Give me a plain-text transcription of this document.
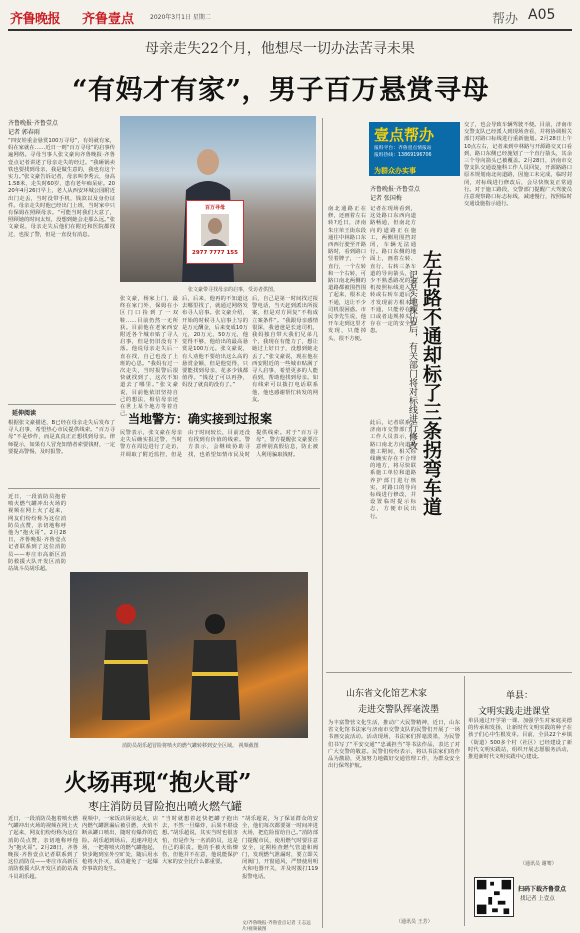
齐鲁晚报 齐鲁壹点	2020年3月1日 星期二	帮办 A05
母亲走失22个月，他想尽一切办法苦寻未果
“有妈才有家”，男子百万悬赏寻母
齐鲁晚报·齐鲁壹点
记者 郭春雨
百万寻母
2977 7777 155
张文豪带寻找母亲的启事，受访者供图。
“四安娃重金悬赏100万寻母”，有妈就有家，妈在家就在……近日一则“百万寻母”的启事传遍网络。寻母当事人张文豪向齐鲁晚报·齐鲁壹点记者讲述了母亲走失的经过。“我砸锅卖铁也要找到母亲，我是做生意的，我也有这个实力。”张文豪告诉记者，母亲叫李秀云，身高1.58米，走失时60岁，患有老年痴呆症。2020年4月26日早上，老人从西安环城公园附近出门走丢，当时没带手机，钱款以及身份证件。母亲走失时他已经出门上班，当时家中只有保姆在照顾母亲。“可能当时我们大意了，照顾她的时间太短，没想到她会走那么远。”张文豪说，母亲走失后他们在附近和医院都找过，也报了警，但是一直没有消息。
张文豪，杨家上门，最终在家门外，保姆在小区门口捡到了一双鞋……目前仍然一无所获。目前他在老家西安附近各个城市贴了寻人启事，但是仍旧没有下落。他说母亲走失后一直在找，自己也没了上班的心思。“我妈有过一次走失，当时报警后很快就找到了，这次不知道去了哪里。”张文豪说，目前他依旧坚持自己的想法，相信母亲还在世上某个地方等着自己。
后，后来，他再的不知道这去哪里找了，就通过网络发布寻人启事。张文豪介绍，开始的时候寻人启事上写的是万元酬金，后来变成10万元，20万元，50万元，他觉得不够，他给出的最高悬赏是100万元。张文豪说，有人劝他不要给出这么高的悬赏金额，但是他觉得，只要能找到母亲，花多少钱都值得。“钱没了可以再挣，妈没了就真的没有了。”
后，自己是第一时间找过报警电话，当天赶到派出所报案，但是对方回复“不构成立案条件”。“我跟母亲感情很深，我爸爸是长途司机，我妈独自带大我们兄弟几个，我现在有能力了，想让她过上好日子，没想到她走丢了。”张文豪说，现在他在西安附近的一些城市贴满了寻人启事，希望更多的人能看到，帮助他找到母亲。如有线索可以拨打电话联系他，他也感谢帮忙转发的网友。
延伸阅读
根据张文豪描述，B已经在母亲走失后发布了寻人启事，希望热心市民提供线索。“百万寻母”不是炒作，而是真真正正想找到母亲。律师提示，如果有人冒充知情者索要钱财，一定要提高警惕，及时报警。
当地警方：确实接到过报案
民警表示，张文豪在母亲走失后确实报过警，当时警方在周边进行了走访，并调取了附近监控，但是由于时间较长，目前还没有找到有价值的线索。警方表示，会继续协助寻找，也希望知情市民及时提供线索。对于“百万寻母”，警方提醒张文豪要注意辨别真假信息，防止被人利用骗取钱财。
近日，一段消防员抱着喷火燃气罐冲出火场的视频在网上火了起来，网友们纷纷称为这位消防员点赞，亲切地称呼他为“抱火哥”。2月28日，齐鲁晚报·齐鲁壹点记者联系到了这位消防员——枣庄市高新区消防救援大队开发区消防站战斗员胡乐超。
消防员胡乐超冒险将喷火的燃气罐转移到安全区域。 视频截图
火场再现“抱火哥”
枣庄消防员冒险抱出喷火燃气罐
近日，一段消防员抱着喷火燃气罐冲出火场的视频在网上火了起来，网友们纷纷称为这位消防员点赞，亲切地称呼他为“抱火哥”。2月28日，齐鲁晚报·齐鲁壹点记者联系到了这位消防员——枣庄市高新区消防救援大队开发区消防站战斗员胡乐超。
视频中，一家饭店厨房起火，店内燃气罐泄漏后被引燃，火焰不断从罐口喷出，随时有爆炸的危险。胡乐超到场后，迅速冲进火场，一把将喷火的燃气罐抱起，快步跑到室外空旷处，随后用水枪将火扑灭，成功避免了一起爆炸事故的发生。
“当时就想着赶快把罐子抱出去，不然一旦爆炸，后果不堪设想。”胡乐超说，其实当时也很害怕，但是作为一名消防员，这是自己的职责。他的手被火焰燎伤，但他并不在意，他说能保护大家的安全比什么都重要。
“胡乐超说，为了保证群众的安全，他们每次都要第一时间冲进火场，把危险留给自己。”消防部门提醒市民，使用燃气时要注意安全，定期检查燃气管道和阀门，发现燃气泄漏时，要立即关闭阀门，开窗通风，严禁使用明火和电器开关，并及时拨打119报警电话。
文/齐鲁晚报·齐鲁壹点记者 王志远 片/视频截图
壹点帮办
报料平台：齐鲁壹点情报站
报料热线：13869196706
为群众办实事
齐鲁晚报·齐鲁壹点
记者 张国梅
南北通路正在修，还画着左右转?近日，济南朱庄单王街东段通往中林路口东西西行驶至开路路时，看到路口竖着牌子，一个直行，一个左转和一个右转，可路口南北两侧的道路都被围挡围了起来，根本走不通，这让不少司机很困惑。市民李先生说，他开车走到这里才发现，只能掉头，很不方便。
记者在现场看到，这处路口东西向道路畅通，但南北方向的道路正在施工，两侧用围挡封闭，车辆无法通行。路口东侧的地面上，画着左转、直行、右转三条车道的导向箭头，不少不熟悉路况的司机按照标线进入左转或右转车道后，才发现前方根本走不通，只能停在路口或者违规掉头，存在一定的安全隐患。
此后，记者联系了济南市交警部门，工作人员表示，该路口南北方向道路施工期间，相关标线确实存在不合理的地方，将尽快联系施工单位和道路养护部门进行核实，对路口的导向标线进行修改，并设置临时提示标志，方便市民出行。
左右路不通却标了三条拐弯车道
记者实地探访后，有关部门将对标线进行修改
交了，也会导致车辆驾驶不便。目前，济南市交警支队已经派人到现场查看，并将协调相关部门对路口标线进行重新施划。2月28日上午10点左右，记者来到中林路与开源路交叉口看到，路口东侧已经施划了一个直行箭头，其余三个导向箭头已被覆盖。2月28日，济南市交警支队交通设施科工作人员回复，开源路路口原本规划南北向道路，因施工未完成，临时封闭，对标线进行修改后，会尽快恢复正常通行。对于施工路段，交警部门提醒广大驾驶员注意观察路口标志标线，减速慢行，按照临时交通设施指示通行。
山东省文化馆艺术家
走进交警队挥毫泼墨
为丰富警营文化生活，推动广大民警精神，近日，山东省文化馆书法家与济南市交警支队的民警们开展了一场书画交流活动。活动现场，书法家们挥毫泼墨，为民警们书写了“平安交通”“忠诚担当”等书法作品，表达了对广大交警的敬意。民警们纷纷表示，将以书法家们的作品为激励，更加努力地做好交通管理工作，为群众安全出行保驾护航。
（通讯员 王芳）
单县：
文明实践走进课堂
单县通过开学第一课、加强学生对家庭美德的传承和发扬，让新时代文明实践的种子在孩子们心中生根发芽。目前，全县22个乡镇（街道）500多个村（社区）已经建设了新时代文明实践站，组织开展志愿服务活动，推进新时代文明实践中心建设。
（通讯员 谢骞）
扫码下载齐鲁壹点
找记者 上壹点
